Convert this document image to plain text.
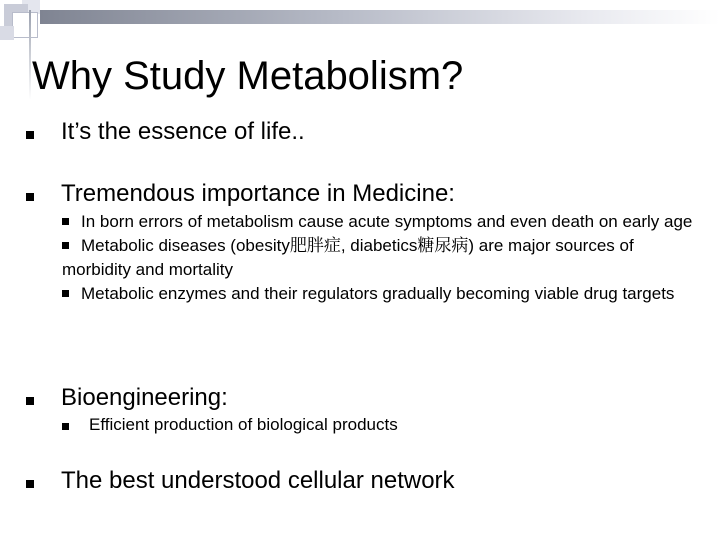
Why Study Metabolism?
It’s the essence of life..
Tremendous importance in Medicine:
In born errors of metabolism cause acute symptoms and even death on early age
Metabolic diseases (obesity肥胖症, diabetics糖尿病) are major sources of morbidity and mortality
Metabolic enzymes and their regulators gradually becoming viable drug targets
Bioengineering:
Efficient production of biological products
The best understood cellular network
